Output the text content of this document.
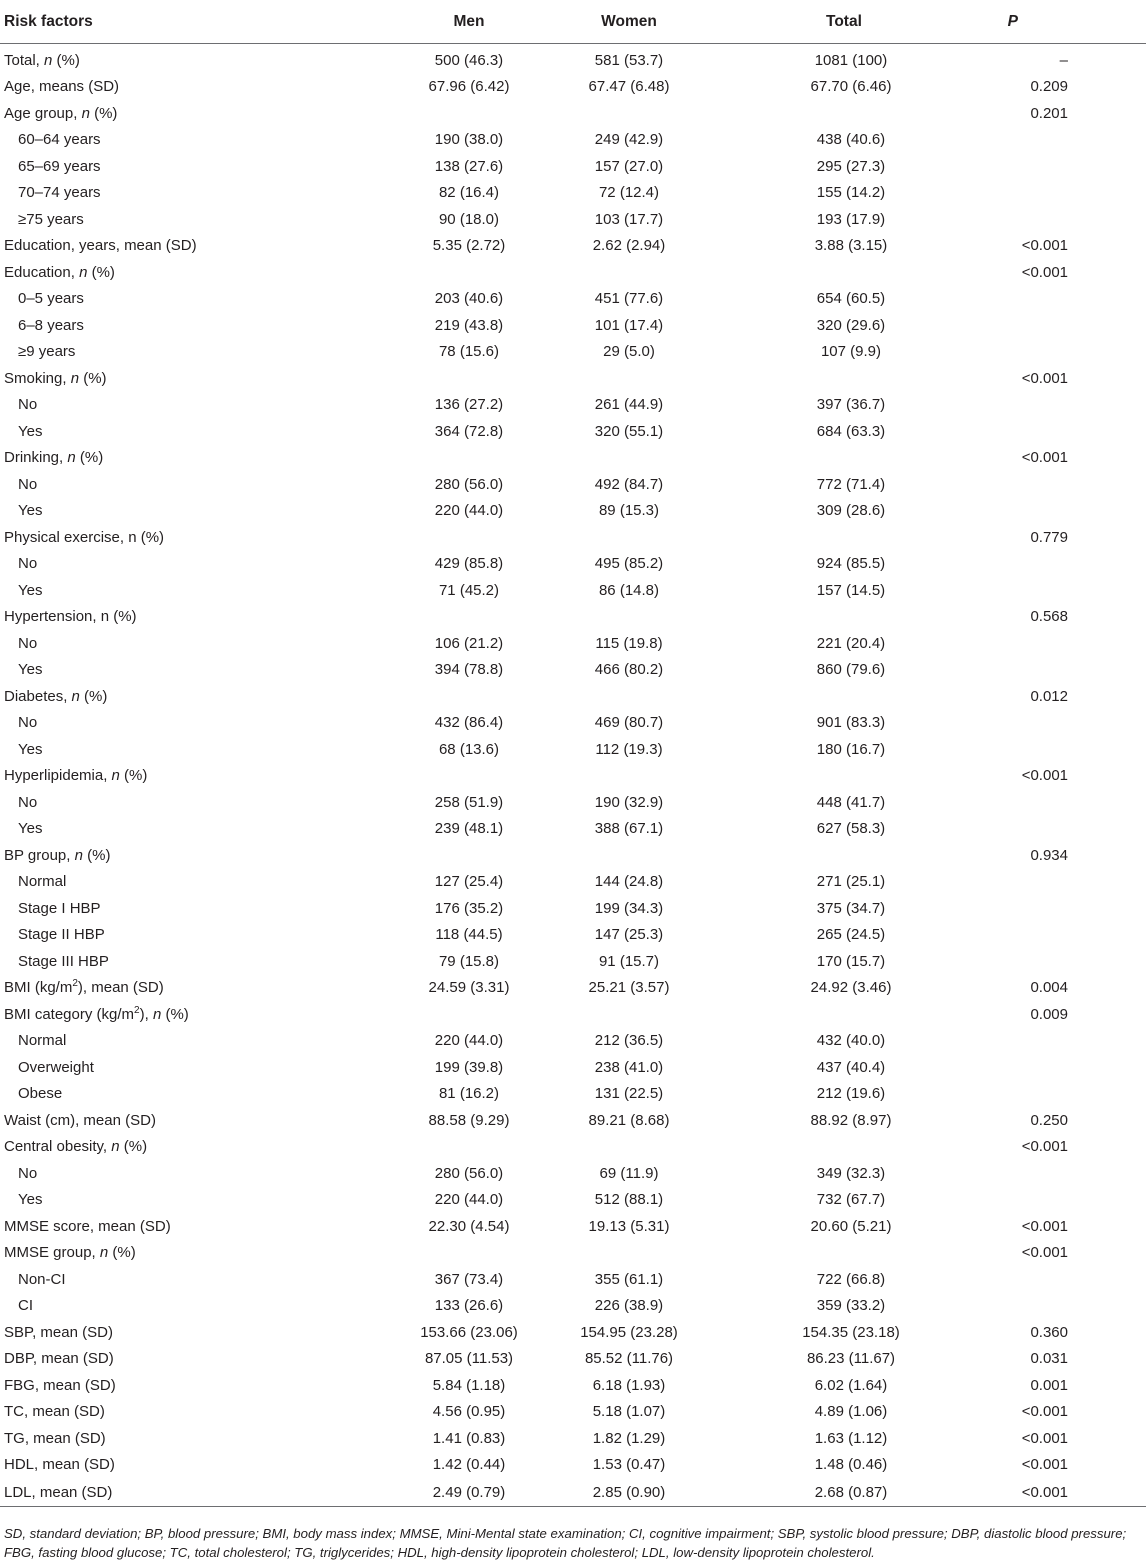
Risk factors	Men	Women	Total	P
Total, n (%)	500 (46.3)	581 (53.7)	1081 (100)	–
Age, means (SD)	67.96 (6.42)	67.47 (6.48)	67.70 (6.46)	0.209
Age group, n (%)				0.201
60–64 years	190 (38.0)	249 (42.9)	438 (40.6)	
65–69 years	138 (27.6)	157 (27.0)	295 (27.3)	
70–74 years	82 (16.4)	72 (12.4)	155 (14.2)	
≥75 years	90 (18.0)	103 (17.7)	193 (17.9)	
Education, years, mean (SD)	5.35 (2.72)	2.62 (2.94)	3.88 (3.15)	<0.001
Education, n (%)				<0.001
0–5 years	203 (40.6)	451 (77.6)	654 (60.5)	
6–8 years	219 (43.8)	101 (17.4)	320 (29.6)	
≥9 years	78 (15.6)	29 (5.0)	107 (9.9)	
Smoking, n (%)				<0.001
No	136 (27.2)	261 (44.9)	397 (36.7)	
Yes	364 (72.8)	320 (55.1)	684 (63.3)	
Drinking, n (%)				<0.001
No	280 (56.0)	492 (84.7)	772 (71.4)	
Yes	220 (44.0)	89 (15.3)	309 (28.6)	
Physical exercise, n (%)				0.779
No	429 (85.8)	495 (85.2)	924 (85.5)	
Yes	71 (45.2)	86 (14.8)	157 (14.5)	
Hypertension, n (%)				0.568
No	106 (21.2)	115 (19.8)	221 (20.4)	
Yes	394 (78.8)	466 (80.2)	860 (79.6)	
Diabetes, n (%)				0.012
No	432 (86.4)	469 (80.7)	901 (83.3)	
Yes	68 (13.6)	112 (19.3)	180 (16.7)	
Hyperlipidemia, n (%)				<0.001
No	258 (51.9)	190 (32.9)	448 (41.7)	
Yes	239 (48.1)	388 (67.1)	627 (58.3)	
BP group, n (%)				0.934
Normal	127 (25.4)	144 (24.8)	271 (25.1)	
Stage I HBP	176 (35.2)	199 (34.3)	375 (34.7)	
Stage II HBP	118 (44.5)	147 (25.3)	265 (24.5)	
Stage III HBP	79 (15.8)	91 (15.7)	170 (15.7)	
BMI $(kg/m^2)$, mean (SD)	24.59 (3.31)	25.21 (3.57)	24.92 (3.46)	0.004
BMI category $(kg/m^2)$, n (%)				0.009
Normal	220 (44.0)	212 (36.5)	432 (40.0)	
Overweight	199 (39.8)	238 (41.0)	437 (40.4)	
Obese	81 (16.2)	131 (22.5)	212 (19.6)	
Waist (cm), mean (SD)	88.58 (9.29)	89.21 (8.68)	88.92 (8.97)	0.250
Central obesity, n (%)				<0.001
No	280 (56.0)	69 (11.9)	349 (32.3)	
Yes	220 (44.0)	512 (88.1)	732 (67.7)	
MMSE score, mean (SD)	22.30 (4.54)	19.13 (5.31)	20.60 (5.21)	<0.001
MMSE group, n (%)				<0.001
Non-CI	367 (73.4)	355 (61.1)	722 (66.8)	
CI	133 (26.6)	226 (38.9)	359 (33.2)	
SBP, mean (SD)	153.66 (23.06)	154.95 (23.28)	154.35 (23.18)	0.360
DBP, mean (SD)	87.05 (11.53)	85.52 (11.76)	86.23 (11.67)	0.031
FBG, mean (SD)	5.84 (1.18)	6.18 (1.93)	6.02 (1.64)	0.001
TC, mean (SD)	4.56 (0.95)	5.18 (1.07)	4.89 (1.06)	<0.001
TG, mean (SD)	1.41 (0.83)	1.82 (1.29)	1.63 (1.12)	<0.001
HDL, mean (SD)	1.42 (0.44)	1.53 (0.47)	1.48 (0.46)	<0.001
LDL, mean (SD)	2.49 (0.79)	2.85 (0.90)	2.68 (0.87)	<0.001
SD, standard deviation; BP, blood pressure; BMI, body mass index; MMSE, Mini-Mental state examination; CI, cognitive impairment; SBP, systolic blood pressure; DBP, diastolic blood pressure; FBG, fasting blood glucose; TC, total cholesterol; TG, triglycerides; HDL, high-density lipoprotein cholesterol; LDL, low-density lipoprotein cholesterol.
